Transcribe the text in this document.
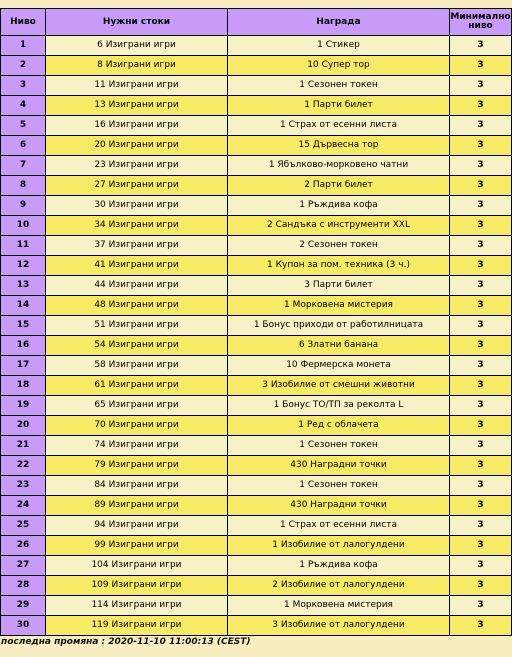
Ниво	Нужни стоки	Награда	Минимално ниво
1	6 Изиграни игри	1 Стикер	3
2	8 Изиграни игри	10 Супер тор	3
3	11 Изиграни игри	1 Сезонен токен	3
4	13 Изиграни игри	1 Парти билет	3
5	16 Изиграни игри	1 Страх от есенни листа	3
6	20 Изиграни игри	15 Дървесна тор	3
7	23 Изиграни игри	1 Ябълково-морковено чатни	3
8	27 Изиграни игри	2 Парти билет	3
9	30 Изиграни игри	1 Ръждива кофа	3
10	34 Изиграни игри	2 Сандъка с инструменти XXL	3
11	37 Изиграни игри	2 Сезонен токен	3
12	41 Изиграни игри	1 Купон за пом. техника (3 ч.)	3
13	44 Изиграни игри	3 Парти билет	3
14	48 Изиграни игри	1 Морковена мистерия	3
15	51 Изиграни игри	1 Бонус приходи от работилницата	3
16	54 Изиграни игри	6 Златни банана	3
17	58 Изиграни игри	10 Фермерска монета	3
18	61 Изиграни игри	3 Изобилие от смешни животни	3
19	65 Изиграни игри	1 Бонус ТО/ТП за реколта L	3
20	70 Изиграни игри	1 Ред с облачета	3
21	74 Изиграни игри	1 Сезонен токен	3
22	79 Изиграни игри	430 Наградни точки	3
23	84 Изиграни игри	1 Сезонен токен	3
24	89 Изиграни игри	430 Наградни точки	3
25	94 Изиграни игри	1 Страх от есенни листа	3
26	99 Изиграни игри	1 Изобилие от лалогулдени	3
27	104 Изиграни игри	1 Ръждива кофа	3
28	109 Изиграни игри	2 Изобилие от лалогулдени	3
29	114 Изиграни игри	1 Морковена мистерия	3
30	119 Изиграни игри	3 Изобилие от лалогулдени	3
последна промяна : 2020-11-10 11:00:13 (CEST)
